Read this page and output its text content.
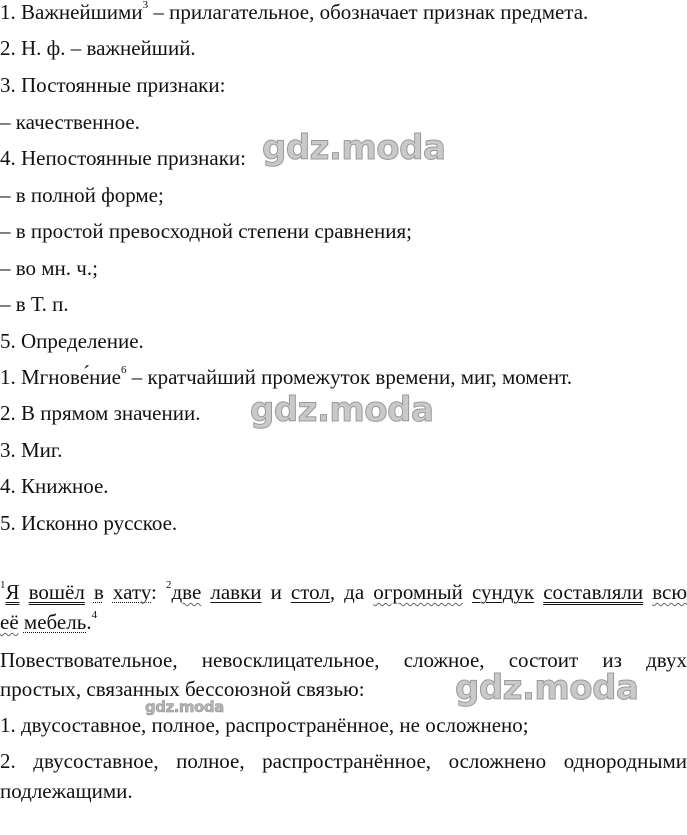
1. Важнейшими$^3$ – прилагательное, обозначает признак предмета.
2. Н. ф. – важнейший.
3. Постоянные признаки:
– качественное.
4. Непостоянные признаки:
– в полной форме;
– в простой превосходной степени сравнения;
– во мн. ч.;
– в Т. п.
5. Определение.
1. Мгнове́ние$^6$ – кратчайший промежуток времени, миг, момент.
2. В прямом значении.
3. Миг.
4. Книжное.
5. Исконно русское.
$^1$Я вошёл в хату: $^2$две лавки и стол, да огромный сундук составляли всю
её мебель.$^4$
Повествовательное, невосклицательное, сложное, состоит из двух
простых, связанных бессоюзной связью:
1. двусоставное, полное, распространённое, не осложнено;
2. двусоставное, полное, распространённое, осложнено однородными
подлежащими.
gdz.moda
gdz.moda
gdz.moda
gdz.moda
